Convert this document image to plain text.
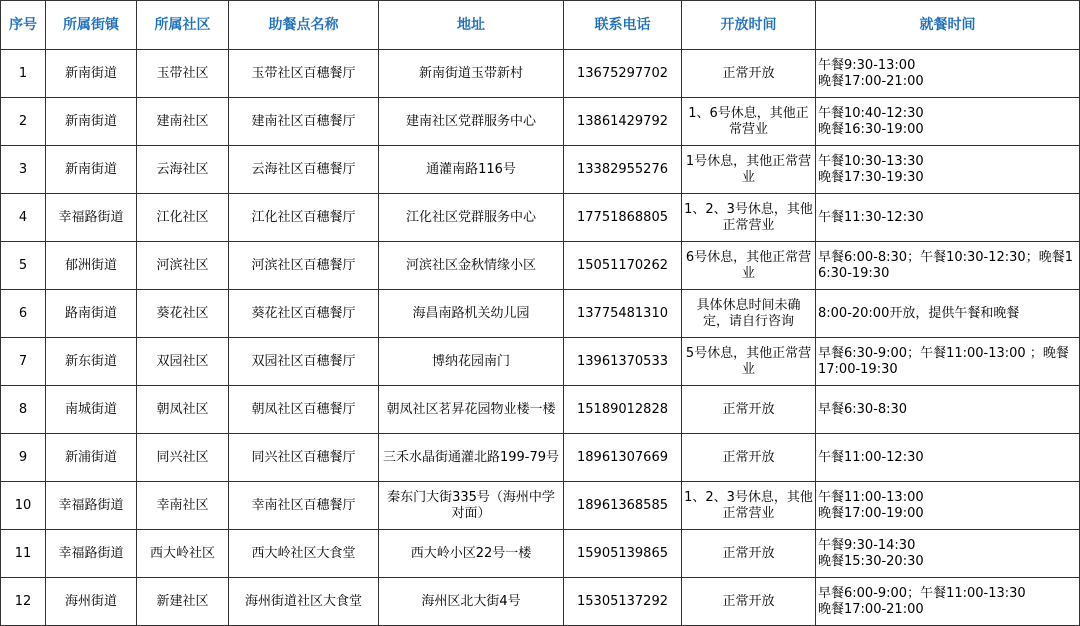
序号	所属街镇	所属社区	助餐点名称	地址	联系电话	开放时间	就餐时间
1	新南街道	玉带社区	玉带社区百穗餐厅	新南街道玉带新村	13675297702	正常开放	午餐9:30-13:00
晚餐17:00-21:00

2	新南街道	建南社区	建南社区百穗餐厅	建南社区党群服务中心	13861429792	1、6号休息，其他正常营业	午餐10:40-12:30
晚餐16:30-19:00

3	新南街道	云海社区	云海社区百穗餐厅	通灌南路116号	13382955276	1号休息，其他正常营业	午餐10:30-13:30
晚餐17:30-19:30

4	幸福路街道	江化社区	江化社区百穗餐厅	江化社区党群服务中心	17751868805	1、2、3号休息，其他正常营业	午餐11:30-12:30

5	郁洲街道	河滨社区	河滨社区百穗餐厅	河滨社区金秋情缘小区	15051170262	6号休息，其他正常营业	早餐6:00-8:30；午餐10:30-12:30；晚餐16:30-19:30

6	路南街道	葵花社区	葵花社区百穗餐厅	海昌南路机关幼儿园	13775481310	具体休息时间未确定，请自行咨询	8:00-20:00开放，提供午餐和晚餐

7	新东街道	双园社区	双园社区百穗餐厅	博纳花园南门	13961370533	5号休息，其他正常营业	早餐6:30-9:00；午餐11:00-13:00 ；晚餐17:00-19:30

8	南城街道	朝凤社区	朝凤社区百穗餐厅	朝凤社区茗昇花园物业楼一楼	15189012828	正常开放	早餐6:30-8:30

9	新浦街道	同兴社区	同兴社区百穗餐厅	三禾水晶街通灌北路199-79号	18961307669	正常开放	午餐11:00-12:30

10	幸福路街道	幸南社区	幸南社区百穗餐厅	秦东门大街335号（海州中学对面）	18961368585	1、2、3号休息，其他正常营业	午餐11:00-13:00
晚餐17:00-19:00

11	幸福路街道	西大岭社区	西大岭社区大食堂	西大岭小区22号一楼	15905139865	正常开放	午餐9:30-14:30
晚餐15:30-20:30

12	海州街道	新建社区	海州街道社区大食堂	海州区北大街4号	15305137292	正常开放	早餐6:00-9:00；午餐11:00-13:30
晚餐17:00-21:00
